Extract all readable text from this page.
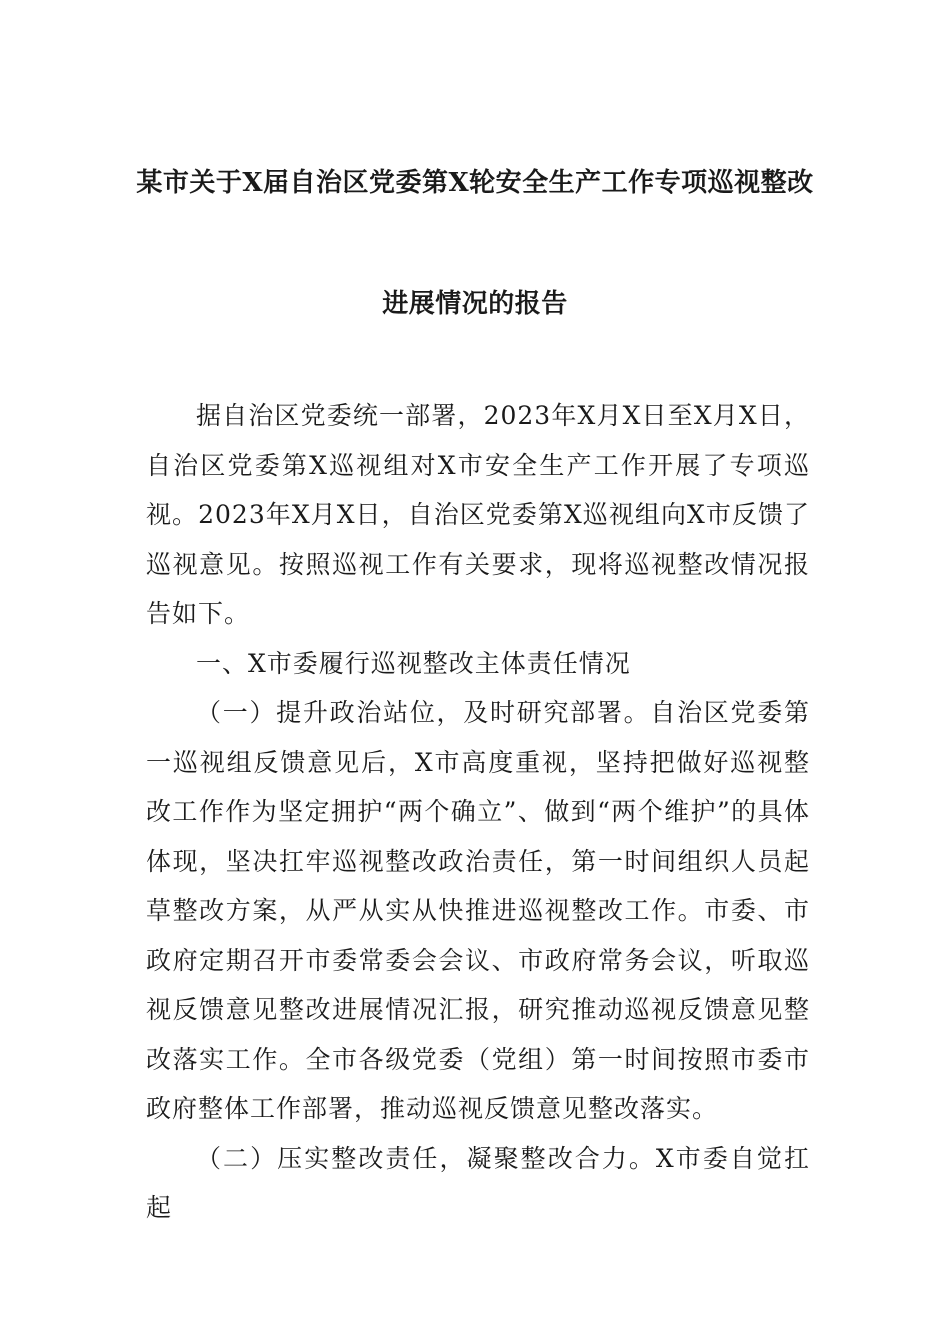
某市关于X届自治区党委第X轮安全生产工作专项巡视整改
进展情况的报告

据自治区党委统一部署，2023年X月X日至X月X日，自治区党委第X巡视组对X市安全生产工作开展了专项巡视。2023年X月X日，自治区党委第X巡视组向X市反馈了巡视意见。按照巡视工作有关要求，现将巡视整改情况报告如下。

一、X市委履行巡视整改主体责任情况

（一）提升政治站位，及时研究部署。自治区党委第一巡视组反馈意见后，X市高度重视，坚持把做好巡视整改工作作为坚定拥护“两个确立”、做到“两个维护”的具体体现，坚决扛牢巡视整改政治责任，第一时间组织人员起草整改方案，从严从实从快推进巡视整改工作。市委、市政府定期召开市委常委会会议、市政府常务会议，听取巡视反馈意见整改进展情况汇报，研究推动巡视反馈意见整改落实工作。全市各级党委（党组）第一时间按照市委市政府整体工作部署，推动巡视反馈意见整改落实。

（二）压实整改责任，凝聚整改合力。X市委自觉扛起
